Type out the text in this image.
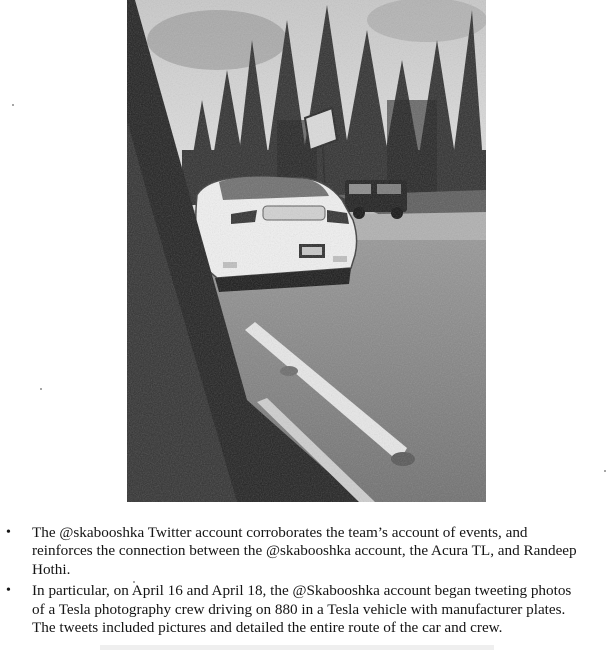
• The @skabooshka Twitter account corroborates the team’s account of events, and
reinforces the connection between the @skabooshka account, the Acura TL, and Randeep
Hothi.
• In particular, on April 16 and April 18, the @Skabooshka account began tweeting photos
of a Tesla photography crew driving on 880 in a Tesla vehicle with manufacturer plates.
The tweets included pictures and detailed the entire route of the car and crew.
